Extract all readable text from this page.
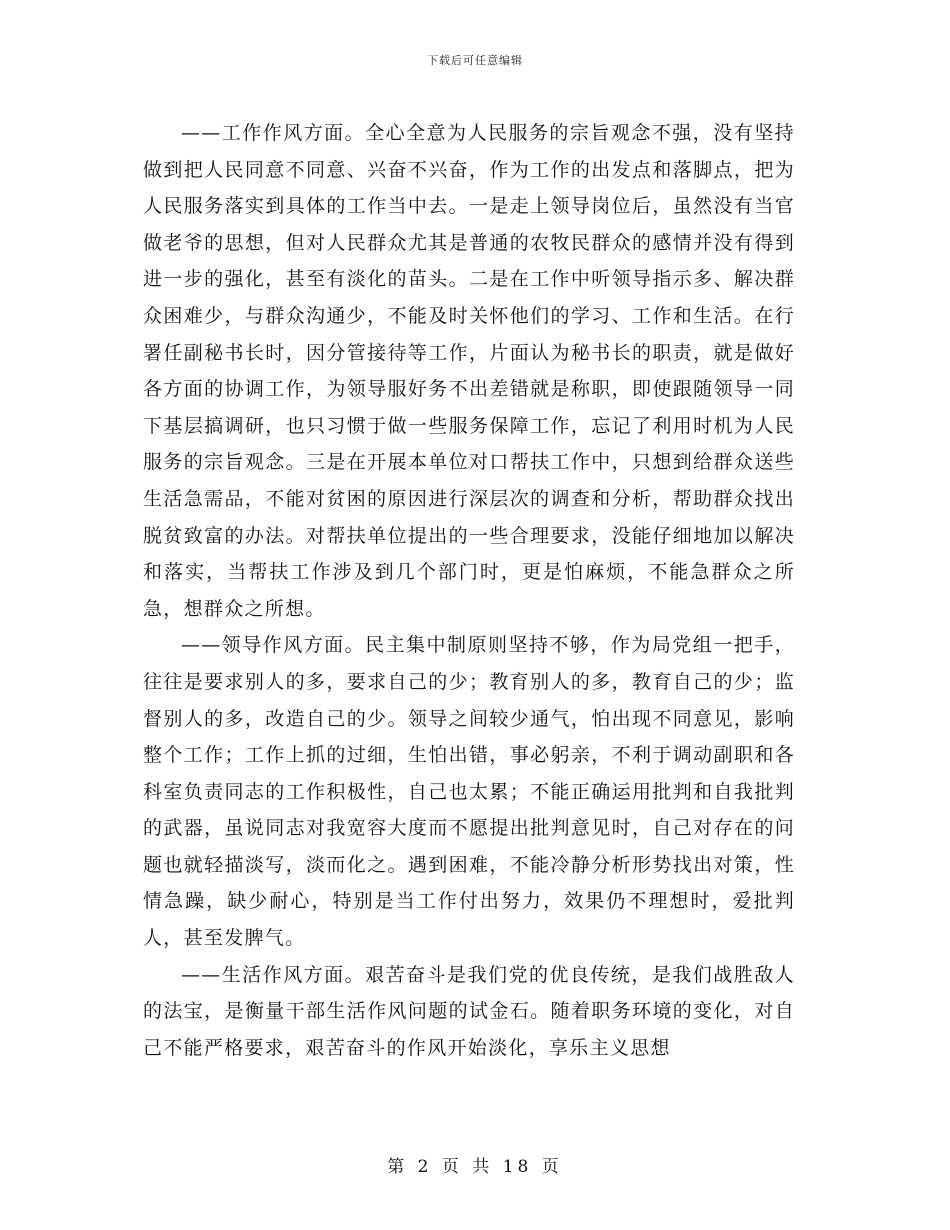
下载后可任意编辑

——工作作风方面。全心全意为人民服务的宗旨观念不强，没有坚持做到把人民同意不同意、兴奋不兴奋，作为工作的出发点和落脚点，把为人民服务落实到具体的工作当中去。一是走上领导岗位后，虽然没有当官做老爷的思想，但对人民群众尤其是普通的农牧民群众的感情并没有得到进一步的强化，甚至有淡化的苗头。二是在工作中听领导指示多、解决群众困难少，与群众沟通少，不能及时关怀他们的学习、工作和生活。在行署任副秘书长时，因分管接待等工作，片面认为秘书长的职责，就是做好各方面的协调工作，为领导服好务不出差错就是称职，即使跟随领导一同下基层搞调研，也只习惯于做一些服务保障工作，忘记了利用时机为人民服务的宗旨观念。三是在开展本单位对口帮扶工作中，只想到给群众送些生活急需品，不能对贫困的原因进行深层次的调查和分析，帮助群众找出脱贫致富的办法。对帮扶单位提出的一些合理要求，没能仔细地加以解决和落实，当帮扶工作涉及到几个部门时，更是怕麻烦，不能急群众之所急，想群众之所想。

——领导作风方面。民主集中制原则坚持不够，作为局党组一把手，往往是要求别人的多，要求自己的少；教育别人的多，教育自己的少；监督别人的多，改造自己的少。领导之间较少通气，怕出现不同意见，影响整个工作；工作上抓的过细，生怕出错，事必躬亲，不利于调动副职和各科室负责同志的工作积极性，自己也太累；不能正确运用批判和自我批判的武器，虽说同志对我宽容大度而不愿提出批判意见时，自己对存在的问题也就轻描淡写，淡而化之。遇到困难，不能冷静分析形势找出对策，性情急躁，缺少耐心，特别是当工作付出努力，效果仍不理想时，爱批判人，甚至发脾气。

——生活作风方面。艰苦奋斗是我们党的优良传统，是我们战胜敌人的法宝，是衡量干部生活作风问题的试金石。随着职务环境的变化，对自己不能严格要求，艰苦奋斗的作风开始淡化，享乐主义思想

第 2 页 共 18 页
